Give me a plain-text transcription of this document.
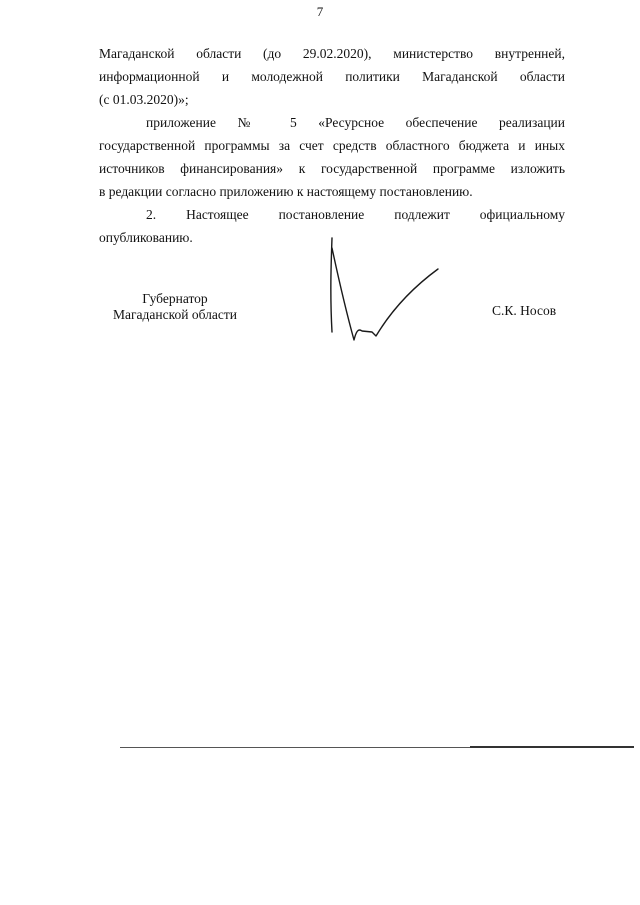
7
Магаданской области (до 29.02.2020), министерство внутренней,
информационной и молодежной политики Магаданской области
(с 01.03.2020)»;
приложение № 5 «Ресурсное обеспечение реализации
государственной программы за счет средств областного бюджета и иных
источников финансирования» к государственной программе изложить
в редакции согласно приложению к настоящему постановлению.
2. Настоящее постановление подлежит официальному
опубликованию.
Губернатор
Магаданской области	С.К. Носов
